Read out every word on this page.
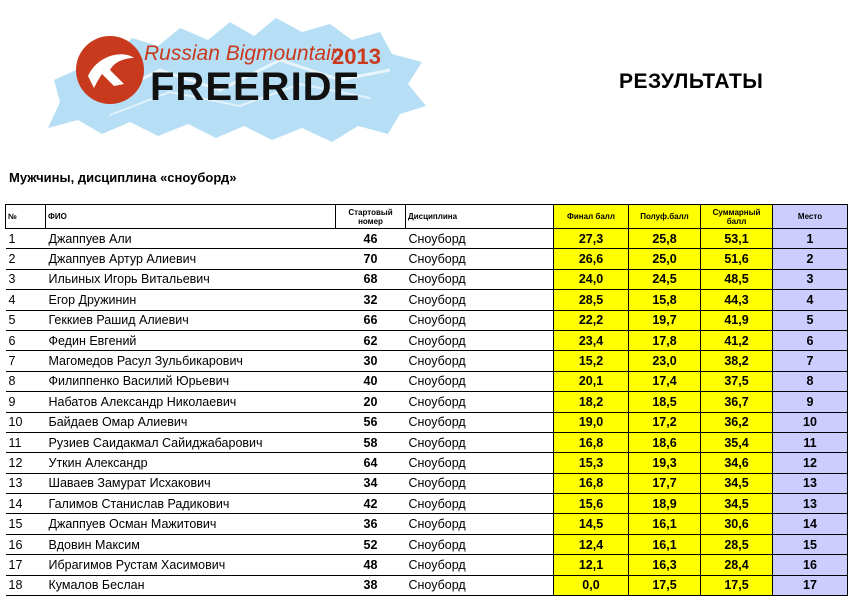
Russian Bigmountain
2013
FREERIDE	РЕЗУЛЬТАТЫ
Мужчины, дисциплина «сноуборд»
№	ФИО	Стартовый номер	Дисциплина	Финал балл	Полуф.балл	Суммарный балл	Место
1	Джаппуев Али	46	Сноуборд	27,3	25,8	53,1	1
2	Джаппуев Артур Алиевич	70	Сноуборд	26,6	25,0	51,6	2
3	Ильиных Игорь Витальевич	68	Сноуборд	24,0	24,5	48,5	3
4	Егор Дружинин	32	Сноуборд	28,5	15,8	44,3	4
5	Геккиев Рашид Алиевич	66	Сноуборд	22,2	19,7	41,9	5
6	Федин Евгений	62	Сноуборд	23,4	17,8	41,2	6
7	Магомедов Расул Зульбикарович	30	Сноуборд	15,2	23,0	38,2	7
8	Филиппенко Василий Юрьевич	40	Сноуборд	20,1	17,4	37,5	8
9	Набатов Александр Николаевич	20	Сноуборд	18,2	18,5	36,7	9
10	Байдаев Омар Алиевич	56	Сноуборд	19,0	17,2	36,2	10
11	Рузиев Саидакмал Сайиджабарович	58	Сноуборд	16,8	18,6	35,4	11
12	Уткин Александр	64	Сноуборд	15,3	19,3	34,6	12
13	Шаваев Замурат Исхакович	34	Сноуборд	16,8	17,7	34,5	13
14	Галимов Станислав Радикович	42	Сноуборд	15,6	18,9	34,5	13
15	Джаппуев Осман Мажитович	36	Сноуборд	14,5	16,1	30,6	14
16	Вдовин Максим	52	Сноуборд	12,4	16,1	28,5	15
17	Ибрагимов Рустам Хасимович	48	Сноуборд	12,1	16,3	28,4	16
18	Кумалов Беслан	38	Сноуборд	0,0	17,5	17,5	17
